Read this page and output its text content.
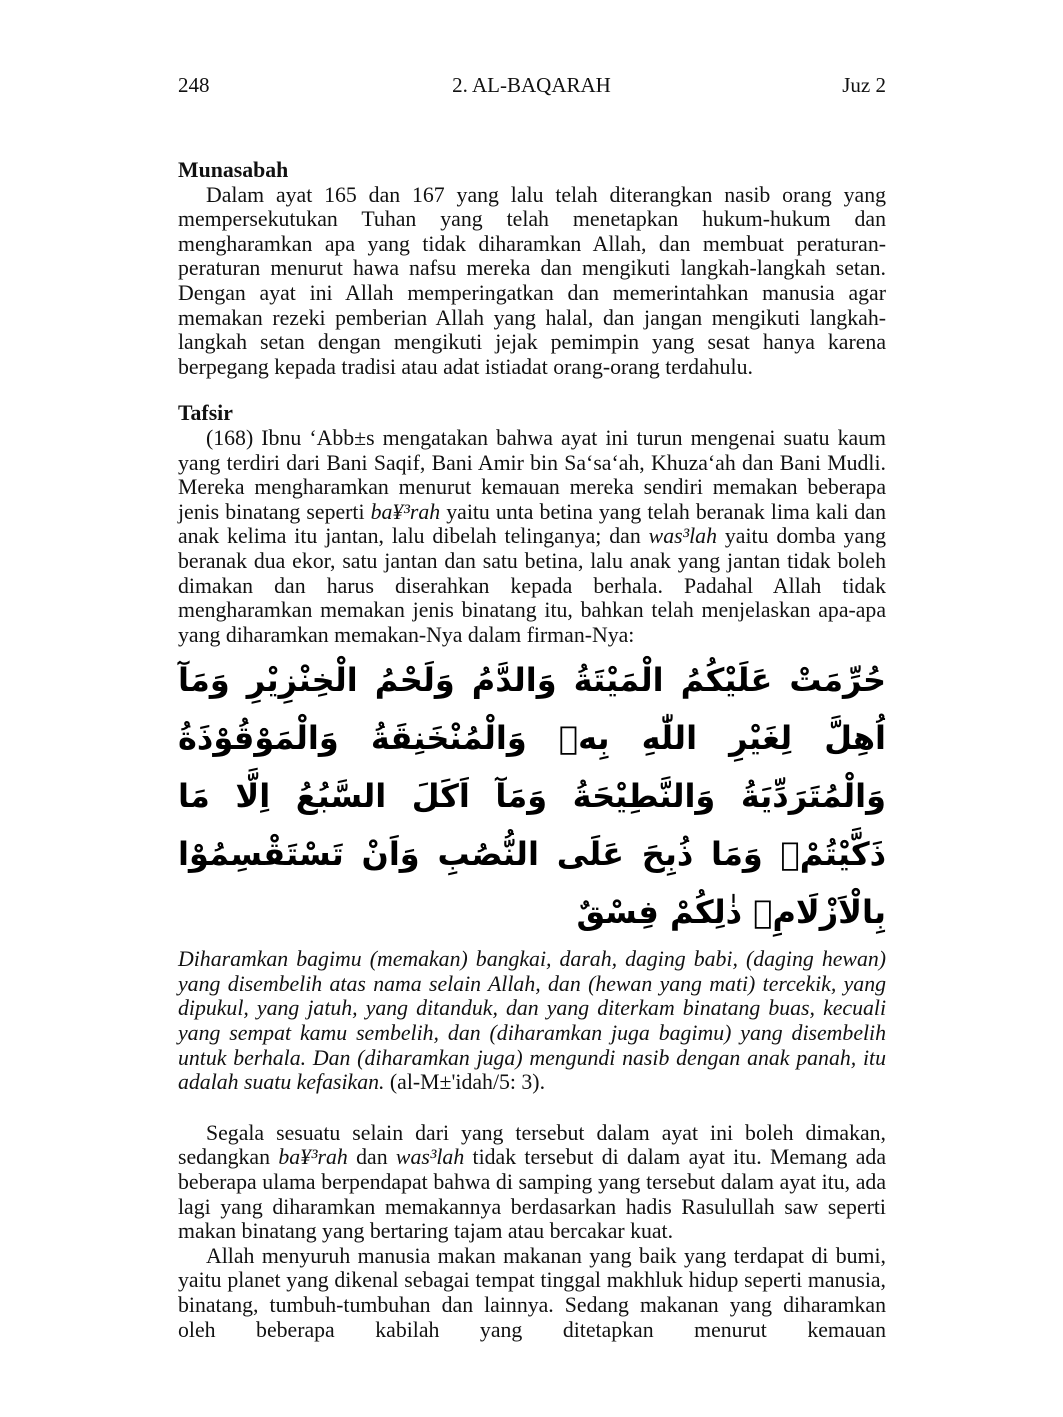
248	2. AL-BAQARAH	Juz 2
Munasabah

Dalam ayat 165 dan 167 yang lalu telah diterangkan nasib orang yang mempersekutukan Tuhan yang telah menetapkan hukum-hukum dan mengharamkan apa yang tidak diharamkan Allah, dan membuat peraturan-peraturan menurut hawa nafsu mereka dan mengikuti langkah-langkah setan. Dengan ayat ini Allah memperingatkan dan memerintahkan manusia agar memakan rezeki pemberian Allah yang halal, dan jangan mengikuti langkah-langkah setan dengan mengikuti jejak pemimpin yang sesat hanya karena berpegang kepada tradisi atau adat istiadat orang-orang terdahulu.

Tafsir

(168) Ibnu ‘Abb±s mengatakan bahwa ayat ini turun mengenai suatu kaum yang terdiri dari Bani Saqif, Bani Amir bin Sa‘sa‘ah, Khuza‘ah dan Bani Mudli. Mereka mengharamkan menurut kemauan mereka sendiri memakan beberapa jenis binatang seperti ba¥³rah yaitu unta betina yang telah beranak lima kali dan anak kelima itu jantan, lalu dibelah telinganya; dan was³lah yaitu domba yang beranak dua ekor, satu jantan dan satu betina, lalu anak yang jantan tidak boleh dimakan dan harus diserahkan kepada berhala. Padahal Allah tidak mengharamkan memakan jenis binatang itu, bahkan telah menjelaskan apa-apa yang diharamkan memakan-Nya dalam firman-Nya:

حُرِّمَتْ عَلَيْكُمُ الْمَيْتَةُ وَالدَّمُ وَلَحْمُ الْخِنْزِيْرِ وَمَآ اُهِلَّ لِغَيْرِ اللّٰهِ بِهٖ وَالْمُنْخَنِقَةُ وَالْمَوْقُوْذَةُ وَالْمُتَرَدِّيَةُ وَالنَّطِيْحَةُ وَمَآ اَكَلَ السَّبُعُ اِلَّا مَا ذَكَّيْتُمْۗ وَمَا ذُبِحَ عَلَى النُّصُبِ وَاَنْ تَسْتَقْسِمُوْا بِالْاَزْلَامِۗ ذٰلِكُمْ فِسْقٌ

Diharamkan bagimu (memakan) bangkai, darah, daging babi, (daging hewan) yang disembelih atas nama selain Allah, dan (hewan yang mati) tercekik, yang dipukul, yang jatuh, yang ditanduk, dan yang diterkam binatang buas, kecuali yang sempat kamu sembelih, dan (diharamkan juga bagimu) yang disembelih untuk berhala. Dan (diharamkan juga) mengundi nasib dengan anak panah, itu adalah suatu kefasikan. (al-M±'idah/5: 3).

Segala sesuatu selain dari yang tersebut dalam ayat ini boleh dimakan, sedangkan ba¥³rah dan was³lah tidak tersebut di dalam ayat itu. Memang ada beberapa ulama berpendapat bahwa di samping yang tersebut dalam ayat itu, ada lagi yang diharamkan memakannya berdasarkan hadis Rasulullah saw seperti makan binatang yang bertaring tajam atau bercakar kuat.

Allah menyuruh manusia makan makanan yang baik yang terdapat di bumi, yaitu planet yang dikenal sebagai tempat tinggal makhluk hidup seperti manusia, binatang, tumbuh-tumbuhan dan lainnya. Sedang makanan yang diharamkan oleh beberapa kabilah yang ditetapkan menurut kemauan
